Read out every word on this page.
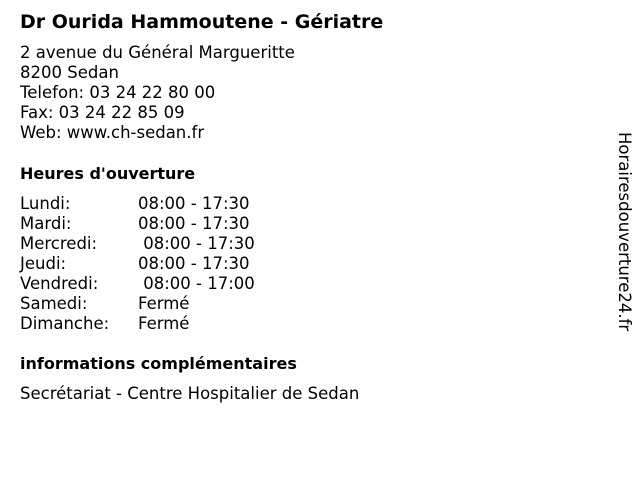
Dr Ourida Hammoutene - Gériatre
2 avenue du Général Margueritte
8200 Sedan
Telefon: 03 24 22 80 00
Fax: 03 24 22 85 09
Web: www.ch-sedan.fr
Heures d'ouverture
Lundi:	08:00 - 17:30
Mardi:	08:00 - 17:30
Mercredi:	08:00 - 17:30
Jeudi:	08:00 - 17:30
Vendredi:	08:00 - 17:00
Samedi:	Fermé
Dimanche:	Fermé
informations complémentaires
Secrétariat - Centre Hospitalier de Sedan
Horairesdouverture24.fr
